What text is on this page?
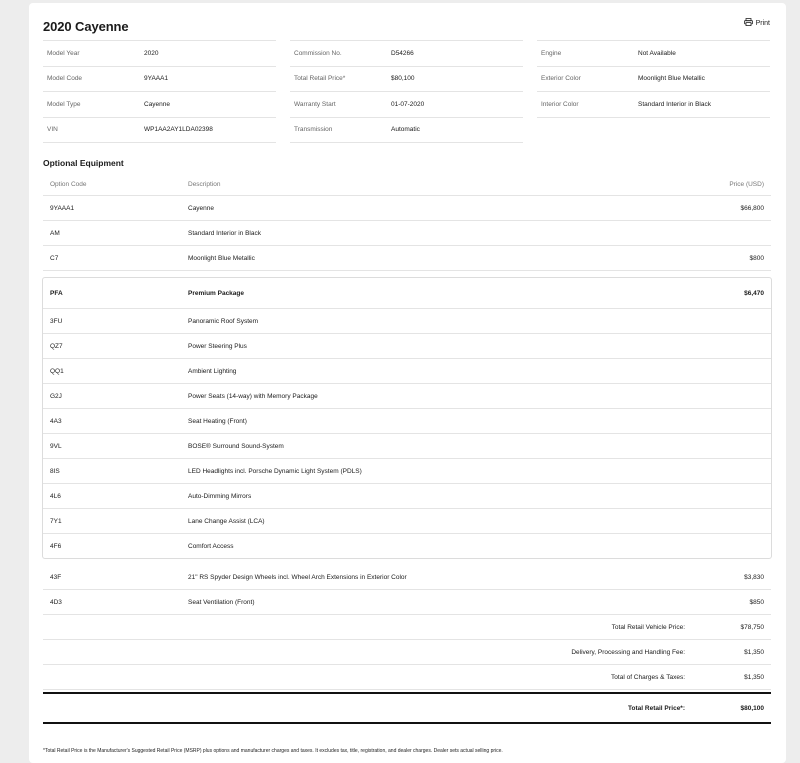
2020 Cayenne	Print
Model Year	2020
Model Code	9YAAA1
Model Type	Cayenne
VIN	WP1AA2AY1LDA02398
Commission No.	D54266
Total Retail Price*	$80,100
Warranty Start	01-07-2020
Transmission	Automatic
Engine	Not Available
Exterior Color	Moonlight Blue Metallic
Interior Color	Standard Interior in Black
Optional Equipment
Option Code	Description	Price (USD)
9YAAA1	Cayenne	$66,800
AM	Standard Interior in Black
C7	Moonlight Blue Metallic	$800
PFA	Premium Package	$6,470
3FU	Panoramic Roof System
QZ7	Power Steering Plus
QQ1	Ambient Lighting
G2J	Power Seats (14-way) with Memory Package
4A3	Seat Heating (Front)
9VL	BOSE® Surround Sound-System
8IS	LED Headlights incl. Porsche Dynamic Light System (PDLS)
4L6	Auto-Dimming Mirrors
7Y1	Lane Change Assist (LCA)
4F6	Comfort Access
43F	21" RS Spyder Design Wheels incl. Wheel Arch Extensions in Exterior Color	$3,830
4D3	Seat Ventilation (Front)	$850
Total Retail Vehicle Price:	$78,750
Delivery, Processing and Handling Fee:	$1,350
Total of Charges & Taxes:	$1,350
Total Retail Price*:	$80,100
*Total Retail Price is the Manufacturer's Suggested Retail Price (MSRP) plus options and manufacturer charges and taxes. It excludes tax, title, registration, and dealer charges. Dealer sets actual selling price.
